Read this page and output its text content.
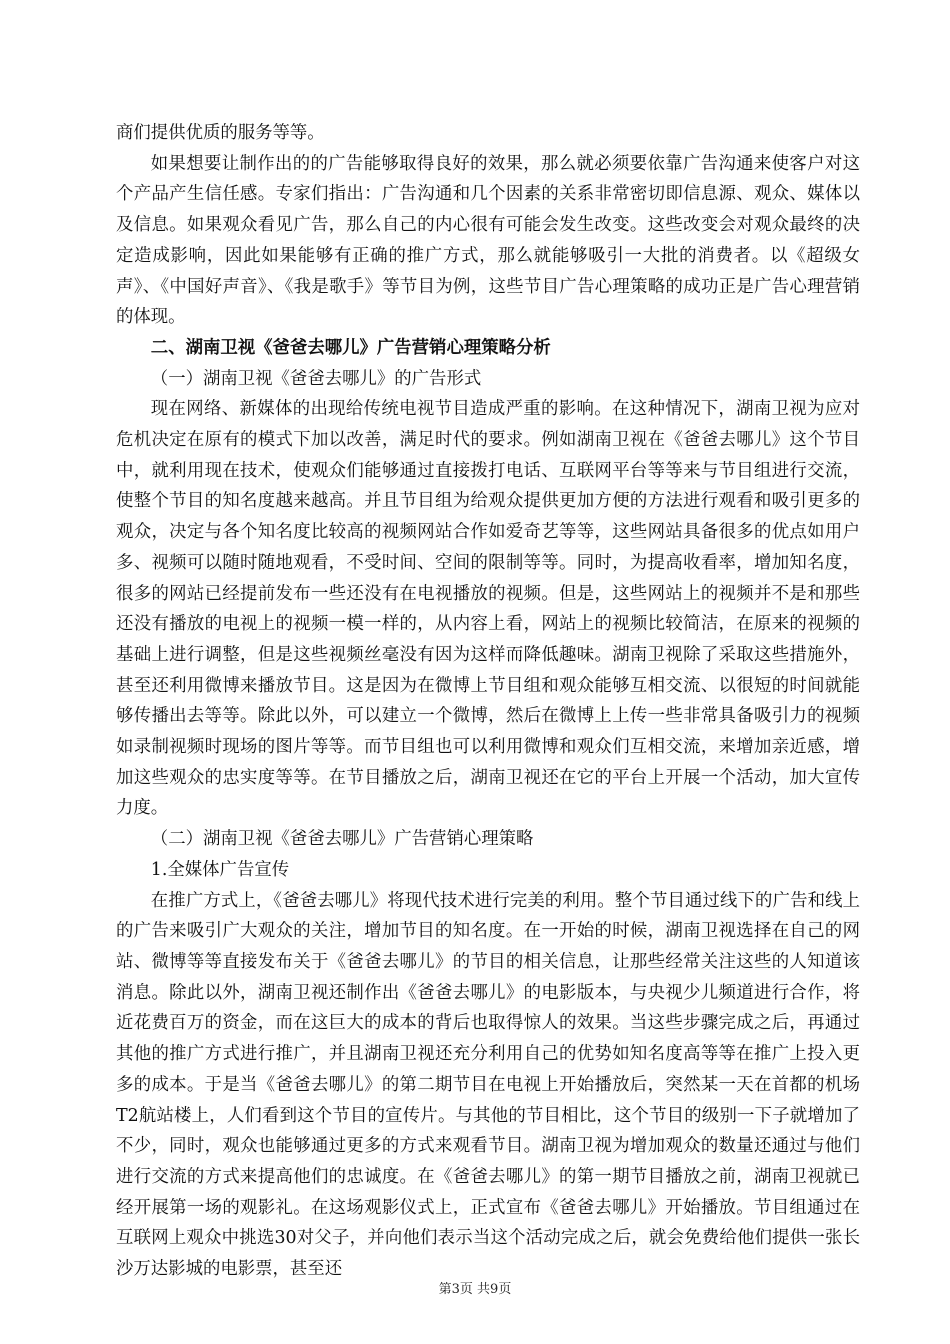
商们提供优质的服务等等。

如果想要让制作出的的广告能够取得良好的效果，那么就必须要依靠广告沟通来使客户对这个产品产生信任感。专家们指出：广告沟通和几个因素的关系非常密切即信息源、观众、媒体以及信息。如果观众看见广告，那么自己的内心很有可能会发生改变。这些改变会对观众最终的决定造成影响，因此如果能够有正确的推广方式，那么就能够吸引一大批的消费者。以《超级女声》、《中国好声音》、《我是歌手》等节目为例，这些节目广告心理策略的成功正是广告心理营销的体现。

二、湖南卫视《爸爸去哪儿》广告营销心理策略分析

（一）湖南卫视《爸爸去哪儿》的广告形式

现在网络、新媒体的出现给传统电视节目造成严重的影响。在这种情况下，湖南卫视为应对危机决定在原有的模式下加以改善，满足时代的要求。例如湖南卫视在《爸爸去哪儿》这个节目中，就利用现在技术，使观众们能够通过直接拨打电话、互联网平台等等来与节目组进行交流，使整个节目的知名度越来越高。并且节目组为给观众提供更加方便的方法进行观看和吸引更多的观众，决定与各个知名度比较高的视频网站合作如爱奇艺等等，这些网站具备很多的优点如用户多、视频可以随时随地观看，不受时间、空间的限制等等。同时，为提高收看率，增加知名度，很多的网站已经提前发布一些还没有在电视播放的视频。但是，这些网站上的视频并不是和那些还没有播放的电视上的视频一模一样的，从内容上看，网站上的视频比较简洁，在原来的视频的基础上进行调整，但是这些视频丝毫没有因为这样而降低趣味。湖南卫视除了采取这些措施外，甚至还利用微博来播放节目。这是因为在微博上节目组和观众能够互相交流、以很短的时间就能够传播出去等等。除此以外，可以建立一个微博，然后在微博上上传一些非常具备吸引力的视频如录制视频时现场的图片等等。而节目组也可以利用微博和观众们互相交流，来增加亲近感，增加这些观众的忠实度等等。在节目播放之后，湖南卫视还在它的平台上开展一个活动，加大宣传力度。

（二）湖南卫视《爸爸去哪儿》广告营销心理策略

1.全媒体广告宣传

在推广方式上，《爸爸去哪儿》将现代技术进行完美的利用。整个节目通过线下的广告和线上的广告来吸引广大观众的关注，增加节目的知名度。在一开始的时候，湖南卫视选择在自己的网站、微博等等直接发布关于《爸爸去哪儿》的节目的相关信息，让那些经常关注这些的人知道该消息。除此以外，湖南卫视还制作出《爸爸去哪儿》的电影版本，与央视少儿频道进行合作，将近花费百万的资金，而在这巨大的成本的背后也取得惊人的效果。当这些步骤完成之后，再通过其他的推广方式进行推广，并且湖南卫视还充分利用自己的优势如知名度高等等在推广上投入更多的成本。于是当《爸爸去哪儿》的第二期节目在电视上开始播放后，突然某一天在首都的机场T2航站楼上，人们看到这个节目的宣传片。与其他的节目相比，这个节目的级别一下子就增加了不少，同时，观众也能够通过更多的方式来观看节目。湖南卫视为增加观众的数量还通过与他们进行交流的方式来提高他们的忠诚度。在《爸爸去哪儿》的第一期节目播放之前，湖南卫视就已经开展第一场的观影礼。在这场观影仪式上，正式宣布《爸爸去哪儿》开始播放。节目组通过在互联网上观众中挑选30对父子，并向他们表示当这个活动完成之后，就会免费给他们提供一张长沙万达影城的电影票，甚至还

第3页 共9页
